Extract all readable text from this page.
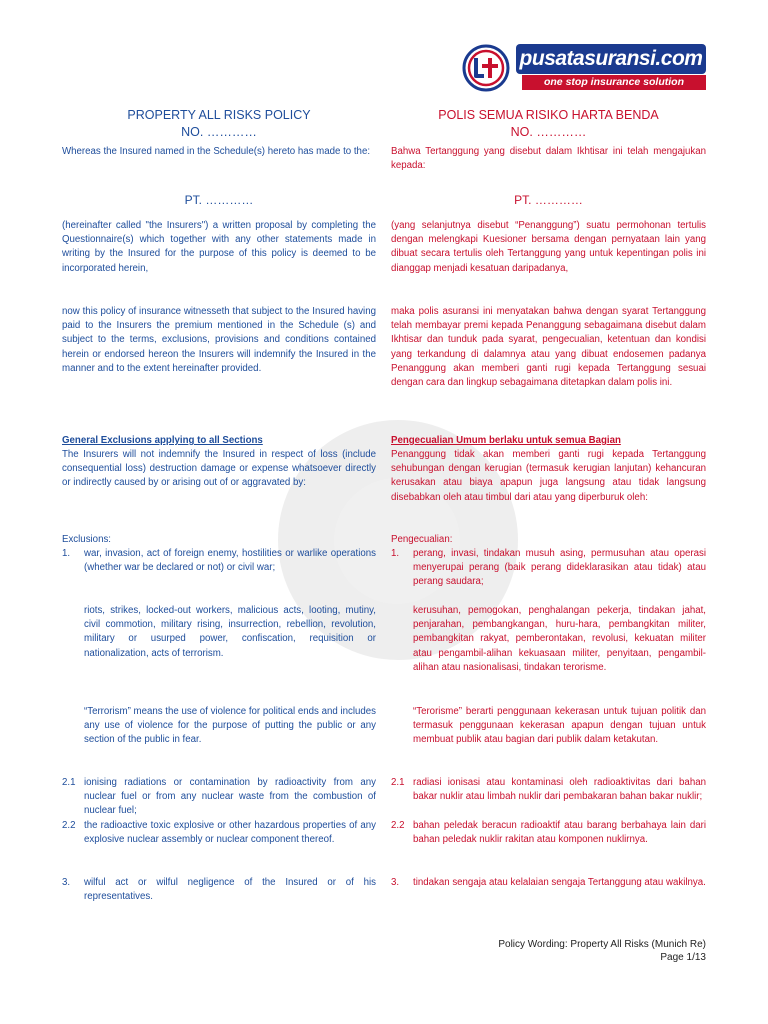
pusatasuransi.com
one stop insurance solution
PROPERTY ALL RISKS POLICY
NO. …………
Whereas the Insured named in the Schedule(s) hereto has made to the:
PT. …………
(hereinafter called "the Insurers") a written proposal by completing the Questionnaire(s) which together with any other statements made in writing by the Insured for the purpose of this policy is deemed to be incorporated herein,
now this policy of insurance witnesseth that subject to the Insured having paid to the Insurers the premium mentioned in the Schedule (s) and subject to the terms, exclusions, provisions and conditions contained herein or endorsed hereon the Insurers will indemnify the Insured in the manner and to the extent hereinafter provided.
General Exclusions applying to all Sections
The Insurers will not indemnify the Insured in respect of loss (include consequential loss) destruction damage or expense whatsoever directly or indirectly caused by or arising out of or aggravated by:
Exclusions:
1.	war, invasion, act of foreign enemy, hostilities or warlike operations (whether war be declared or not) or civil war;
riots, strikes, locked-out workers, malicious acts, looting, mutiny, civil commotion, military rising, insurrection, rebellion, revolution, military or usurped power, confiscation, requisition or nationalization, acts of terrorism.
“Terrorism” means the use of violence for political ends and includes any use of violence for the purpose of putting the public or any section of the public in fear.
2.1 ionising radiations or contamination by radioactivity from any nuclear fuel or from any nuclear waste from the combustion of nuclear fuel;
2.2 the radioactive toxic explosive or other hazardous properties of any explosive nuclear assembly or nuclear component thereof.
3.	wilful act or wilful negligence of the Insured or of his representatives.
POLIS SEMUA RISIKO HARTA BENDA
NO. …………
Bahwa Tertanggung yang disebut dalam Ikhtisar ini telah mengajukan kepada:
PT. …………
(yang selanjutnya disebut “Penanggung”) suatu permohonan tertulis dengan melengkapi Kuesioner bersama dengan pernyataan lain yang dibuat secara tertulis oleh Tertanggung yang untuk kepentingan polis ini dianggap menjadi kesatuan daripadanya,
maka polis asuransi ini menyatakan bahwa dengan syarat Tertanggung telah membayar premi kepada Penanggung sebagaimana disebut dalam Ikhtisar dan tunduk pada syarat, pengecualian, ketentuan dan kondisi yang terkandung di dalamnya atau yang dibuat endosemen padanya Penanggung akan memberi ganti rugi kepada Tertanggung sesuai dengan cara dan lingkup sebagaimana ditetapkan dalam polis ini.
Pengecualian Umum berlaku untuk semua Bagian
Penanggung tidak akan memberi ganti rugi kepada Tertanggung sehubungan dengan kerugian (termasuk kerugian lanjutan) kehancuran kerusakan atau biaya apapun juga langsung atau tidak langsung disebabkan oleh atau timbul dari atau yang diperburuk oleh:
Pengecualian:
1.	perang, invasi, tindakan musuh asing, permusuhan atau operasi menyerupai perang (baik perang dideklarasikan atau tidak) atau perang saudara;
kerusuhan, pemogokan, penghalangan pekerja, tindakan jahat, penjarahan, pembangkangan, huru-hara, pembangkitan militer, pembangkitan rakyat, pemberontakan, revolusi, kekuatan militer atau pengambil-alihan kekuasaan militer, penyitaan, pengambil-alihan atau nasionalisasi, tindakan terorisme.
“Terorisme” berarti penggunaan kekerasan untuk tujuan politik dan termasuk penggunaan kekerasan apapun dengan tujuan untuk membuat publik atau bagian dari publik dalam ketakutan.
2.1 radiasi ionisasi atau kontaminasi oleh radioaktivitas dari bahan bakar nuklir atau limbah nuklir dari pembakaran bahan bakar nuklir;
2.2 bahan peledak beracun radioaktif atau barang berbahaya lain dari bahan peledak nuklir rakitan atau komponen nuklirnya.
3.	tindakan sengaja atau kelalaian sengaja Tertanggung atau wakilnya.
Policy Wording: Property All Risks (Munich Re)
Page 1/13
